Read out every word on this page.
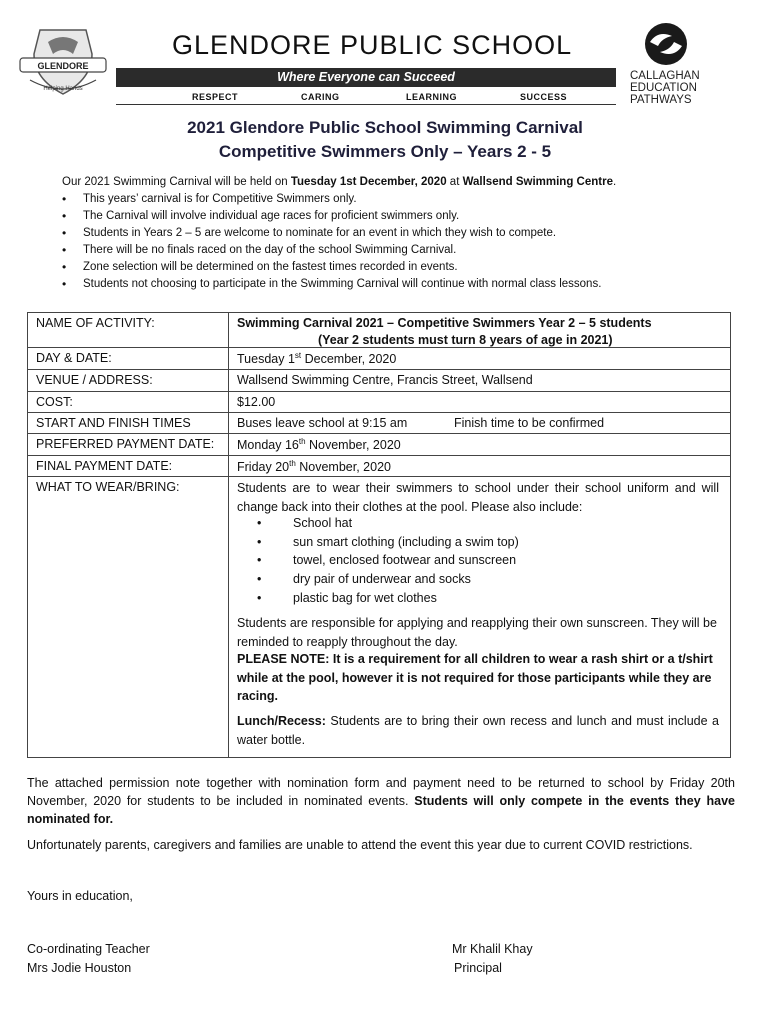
GLENDORE
Helping Hands
GLENDORE PUBLIC SCHOOL
Where Everyone can Succeed
RESPECT	CARING	LEARNING	SUCCESS
CALLAGHAN
EDUCATION
PATHWAYS
2021 Glendore Public School Swimming Carnival
Competitive Swimmers Only – Years 2 - 5
Our 2021 Swimming Carnival will be held on Tuesday 1st December, 2020 at Wallsend Swimming Centre.
• This years’ carnival is for Competitive Swimmers only.
• The Carnival will involve individual age races for proficient swimmers only.
• Students in Years 2 – 5 are welcome to nominate for an event in which they wish to compete.
• There will be no finals raced on the day of the school Swimming Carnival.
• Zone selection will be determined on the fastest times recorded in events.
• Students not choosing to participate in the Swimming Carnival will continue with normal class lessons.
NAME OF ACTIVITY:	Swimming Carnival 2021 – Competitive Swimmers Year 2 – 5 students
(Year 2 students must turn 8 years of age in 2021)
DAY & DATE:	Tuesday 1st December, 2020
VENUE / ADDRESS:	Wallsend Swimming Centre, Francis Street, Wallsend
COST:	$12.00
START AND FINISH TIMES	Buses leave school at 9:15 am	Finish time to be confirmed
PREFERRED PAYMENT DATE: Monday 16th November, 2020
FINAL PAYMENT DATE:	Friday 20th November, 2020
WHAT TO WEAR/BRING:	Students are to wear their swimmers to school under their school uniform and will change back into their clothes at the pool. Please also include:
• School hat
• sun smart clothing (including a swim top)
• towel, enclosed footwear and sunscreen
• dry pair of underwear and socks
• plastic bag for wet clothes
Students are responsible for applying and reapplying their own sunscreen. They will be reminded to reapply throughout the day.
PLEASE NOTE: It is a requirement for all children to wear a rash shirt or a t/shirt while at the pool, however it is not required for those participants while they are racing.
Lunch/Recess: Students are to bring their own recess and lunch and must include a water bottle.
The attached permission note together with nomination form and payment need to be returned to school by Friday 20th November, 2020 for students to be included in nominated events. Students will only compete in the events they have nominated for.
Unfortunately parents, caregivers and families are unable to attend the event this year due to current COVID restrictions.
Yours in education,
Co-ordinating Teacher
Mrs Jodie Houston
Mr Khalil Khay
Principal
